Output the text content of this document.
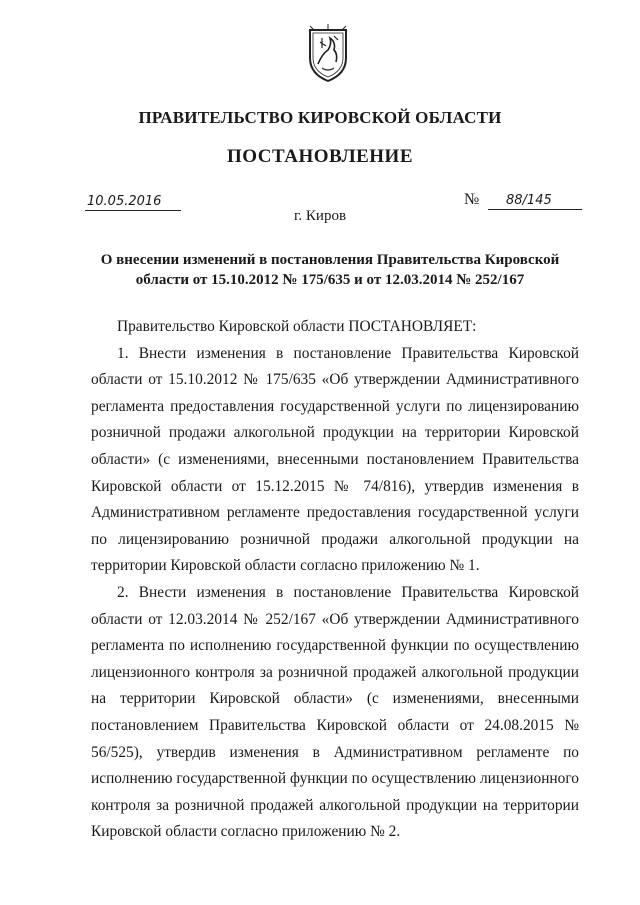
ПРАВИТЕЛЬСТВО КИРОВСКОЙ ОБЛАСТИ
ПОСТАНОВЛЕНИЕ
10.05.2016	№ 88/145
г. Киров
О внесении изменений в постановления Правительства Кировской области от 15.10.2012 № 175/635 и от 12.03.2014 № 252/167

Правительство Кировской области ПОСТАНОВЛЯЕТ:

1. Внести изменения в постановление Правительства Кировской области от 15.10.2012 № 175/635 «Об утверждении Административного регламента предоставления государственной услуги по лицензированию розничной продажи алкогольной продукции на территории Кировской области» (с изменениями, внесенными постановлением Правительства Кировской области от 15.12.2015 № 74/816), утвердив изменения в Административном регламенте предоставления государственной услуги по лицензированию розничной продажи алкогольной продукции на территории Кировской области согласно приложению № 1.

2. Внести изменения в постановление Правительства Кировской области от 12.03.2014 № 252/167 «Об утверждении Административного регламента по исполнению государственной функции по осуществлению лицензионного контроля за розничной продажей алкогольной продукции на территории Кировской области» (с изменениями, внесенными постановлением Правительства Кировской области от 24.08.2015 № 56/525), утвердив изменения в Административном регламенте по исполнению государственной функции по осуществлению лицензионного контроля за розничной продажей алкогольной продукции на территории Кировской области согласно приложению № 2.
